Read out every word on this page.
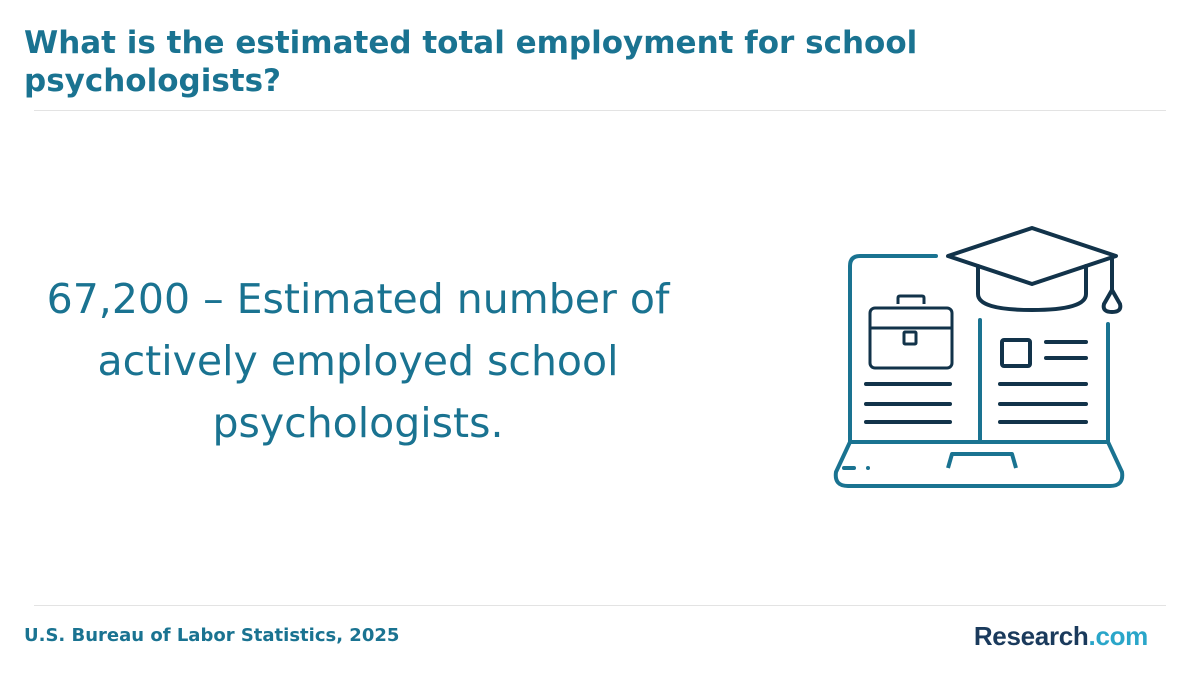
What is the estimated total employment for school psychologists?
67,200 – Estimated number of actively employed school psychologists.
U.S. Bureau of Labor Statistics, 2025	Research.com
